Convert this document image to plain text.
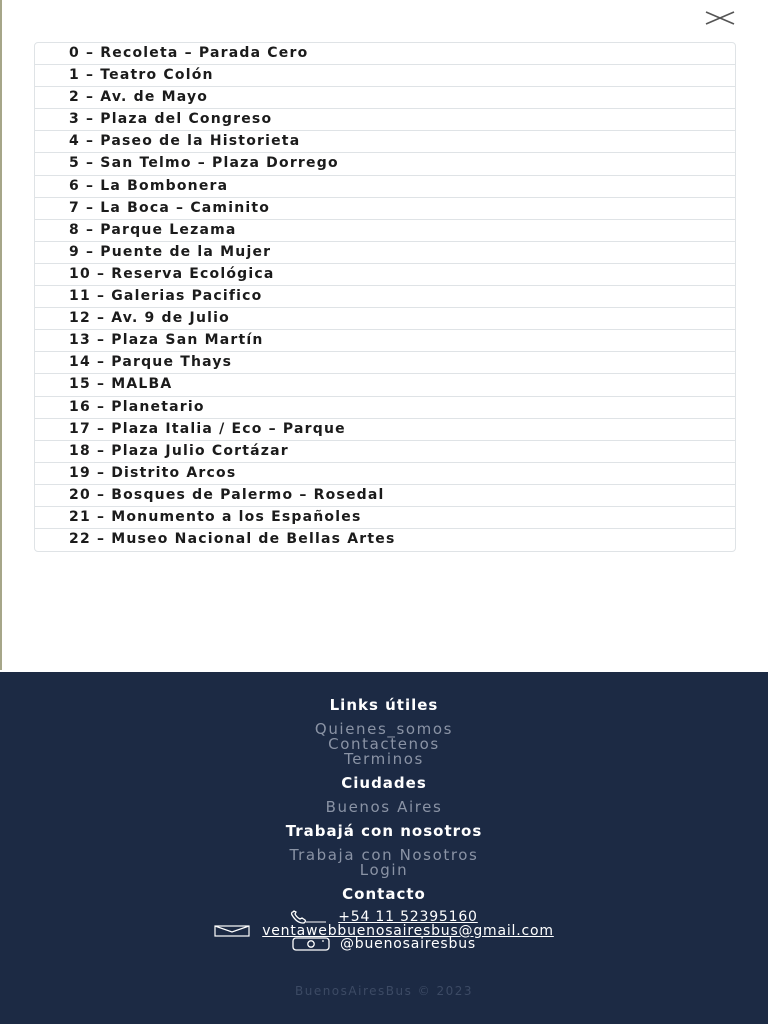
0 – Recoleta – Parada Cero
1 – Teatro Colón
2 – Av. de Mayo
3 – Plaza del Congreso
4 – Paseo de la Historieta
5 – San Telmo – Plaza Dorrego
6 – La Bombonera
7 – La Boca – Caminito
8 – Parque Lezama
9 – Puente de la Mujer
10 – Reserva Ecológica
11 – Galerias Pacifico
12 – Av. 9 de Julio
13 – Plaza San Martín
14 – Parque Thays
15 – MALBA
16 – Planetario
17 – Plaza Italia / Eco – Parque
18 – Plaza Julio Cortázar
19 – Distrito Arcos
20 – Bosques de Palermo – Rosedal
21 – Monumento a los Españoles
22 – Museo Nacional de Bellas Artes
Links útiles
Quienes_somos
Contactenos
Terminos
Ciudades
Buenos Aires
Trabajá con nosotros
Trabaja con Nosotros
Login
Contacto
+54 11 52395160
ventawebbuenosairesbus@gmail.com
@buenosairesbus
BuenosAiresBus © 2023
